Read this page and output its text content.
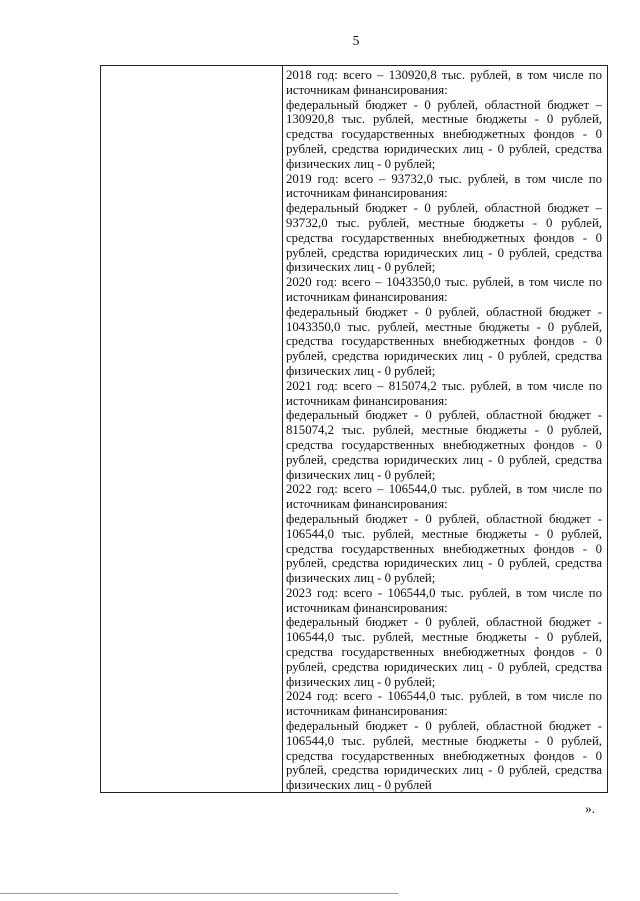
5
2018 год: всего – 130920,8 тыс. рублей, в том числе по
источникам финансирования:
федеральный бюджет - 0 рублей, областной бюджет –
130920,8 тыс. рублей, местные бюджеты - 0 рублей,
средства государственных внебюджетных фондов - 0
рублей, средства юридических лиц - 0 рублей, средства
физических лиц - 0 рублей;
2019 год: всего – 93732,0 тыс. рублей, в том числе по
источникам финансирования:
федеральный бюджет - 0 рублей, областной бюджет –
93732,0 тыс. рублей, местные бюджеты - 0 рублей,
средства государственных внебюджетных фондов - 0
рублей, средства юридических лиц - 0 рублей, средства
физических лиц - 0 рублей;
2020 год: всего – 1043350,0 тыс. рублей, в том числе по
источникам финансирования:
федеральный бюджет - 0 рублей, областной бюджет -
1043350,0 тыс. рублей, местные бюджеты - 0 рублей,
средства государственных внебюджетных фондов - 0
рублей, средства юридических лиц - 0 рублей, средства
физических лиц - 0 рублей;
2021 год: всего – 815074,2 тыс. рублей, в том числе по
источникам финансирования:
федеральный бюджет - 0 рублей, областной бюджет -
815074,2 тыс. рублей, местные бюджеты - 0 рублей,
средства государственных внебюджетных фондов - 0
рублей, средства юридических лиц - 0 рублей, средства
физических лиц - 0 рублей;
2022 год: всего – 106544,0 тыс. рублей, в том числе по
источникам финансирования:
федеральный бюджет - 0 рублей, областной бюджет -
106544,0 тыс. рублей, местные бюджеты - 0 рублей,
средства государственных внебюджетных фондов - 0
рублей, средства юридических лиц - 0 рублей, средства
физических лиц - 0 рублей;
2023 год: всего - 106544,0 тыс. рублей, в том числе по
источникам финансирования:
федеральный бюджет - 0 рублей, областной бюджет -
106544,0 тыс. рублей, местные бюджеты - 0 рублей,
средства государственных внебюджетных фондов - 0
рублей, средства юридических лиц - 0 рублей, средства
физических лиц - 0 рублей;
2024 год: всего - 106544,0 тыс. рублей, в том числе по
источникам финансирования:
федеральный бюджет - 0 рублей, областной бюджет -
106544,0 тыс. рублей, местные бюджеты - 0 рублей,
средства государственных внебюджетных фондов - 0
рублей, средства юридических лиц - 0 рублей, средства
физических лиц - 0 рублей
».
